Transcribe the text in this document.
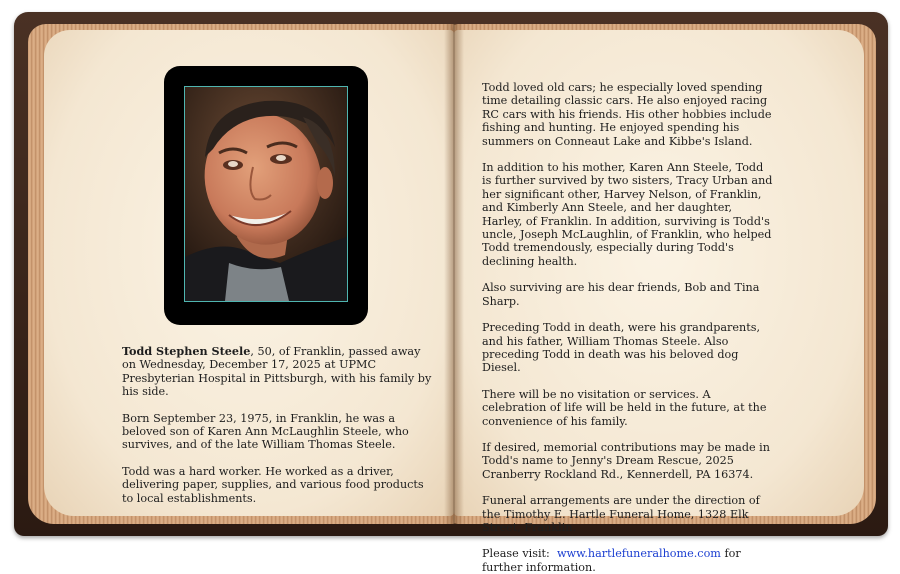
Todd Stephen Steele, 50, of Franklin, passed away on Wednesday, December 17, 2025 at UPMC Presbyterian Hospital in Pittsburgh, with his family by his side.

Born September 23, 1975, in Franklin, he was a beloved son of Karen Ann McLaughlin Steele, who survives, and of the late William Thomas Steele.

Todd was a hard worker. He worked as a driver, delivering paper, supplies, and various food products to local establishments.

Todd loved old cars; he especially loved spending time detailing classic cars. He also enjoyed racing RC cars with his friends. His other hobbies include fishing and hunting. He enjoyed spending his summers on Conneaut Lake and Kibbe's Island.

In addition to his mother, Karen Ann Steele, Todd is further survived by two sisters, Tracy Urban and her significant other, Harvey Nelson, of Franklin, and Kimberly Ann Steele, and her daughter, Harley, of Franklin. In addition, surviving is Todd's uncle, Joseph McLaughlin, of Franklin, who helped Todd tremendously, especially during Todd's declining health.

Also surviving are his dear friends, Bob and Tina Sharp.

Preceding Todd in death, were his grandparents, and his father, William Thomas Steele. Also preceding Todd in death was his beloved dog Diesel.

There will be no visitation or services. A celebration of life will be held in the future, at the convenience of his family.

If desired, memorial contributions may be made in Todd's name to Jenny's Dream Rescue, 2025 Cranberry Rockland Rd., Kennerdell, PA 16374.

Funeral arrangements are under the direction of the Timothy E. Hartle Funeral Home, 1328 Elk Street, Franklin.

Please visit: www.hartlefuneralhome.com for further information.
